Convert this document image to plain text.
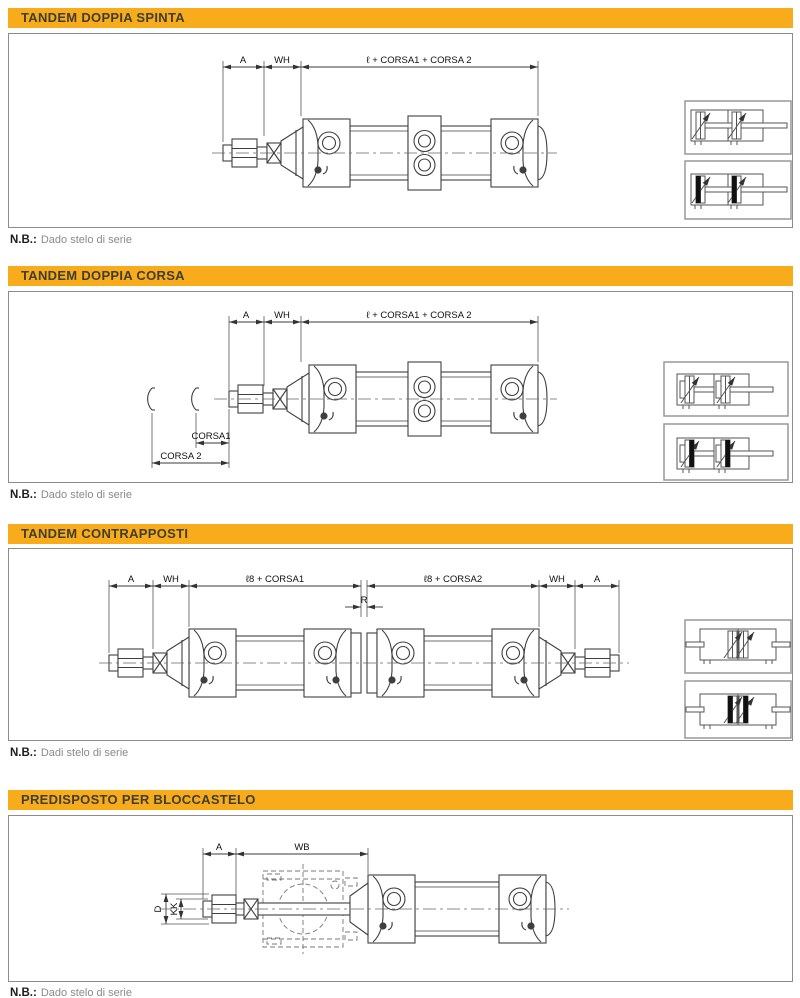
TANDEM DOPPIA SPINTA
A	WH	ℓ + CORSA1 + CORSA 2
N.B.: Dado stelo di serie
TANDEM DOPPIA CORSA
A	WH	ℓ + CORSA1 + CORSA 2
CORSA1
CORSA 2
N.B.: Dado stelo di serie
TANDEM CONTRAPPOSTI
A	WH	ℓ8 + CORSA1
R
ℓ8 + CORSA2	WH	A
N.B.: Dadi stelo di serie
PREDISPOSTO PER BLOCCASTELO
A	WB
D KK
N.B.: Dado stelo di serie
